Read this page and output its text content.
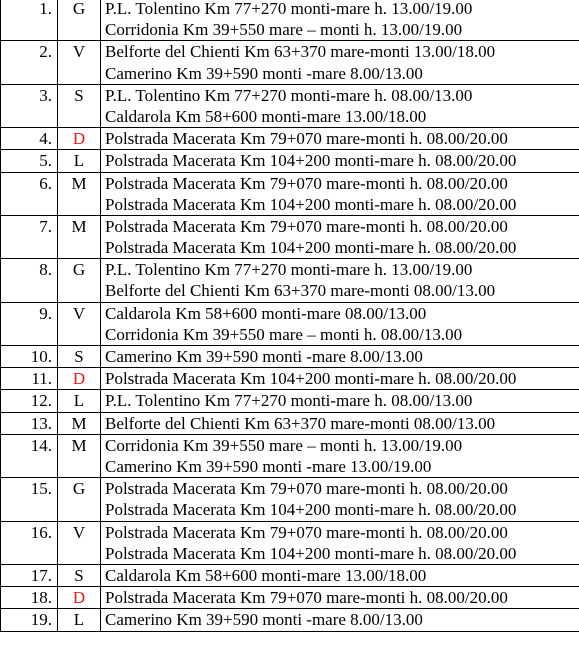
1.	G	P.L. Tolentino Km 77+270 monti-mare h. 13.00/19.00
Corridonia Km 39+550 mare – monti h. 13.00/19.00

2.	V	Belforte del Chienti Km 63+370 mare-monti 13.00/18.00
Camerino Km 39+590 monti -mare 8.00/13.00

3.	S	P.L. Tolentino Km 77+270 monti-mare h. 08.00/13.00
Caldarola Km 58+600 monti-mare 13.00/18.00

4.	D	Polstrada Macerata Km 79+070 mare-monti h. 08.00/20.00

5.	L	Polstrada Macerata Km 104+200 monti-mare h. 08.00/20.00

6.	M	Polstrada Macerata Km 79+070 mare-monti h. 08.00/20.00
Polstrada Macerata Km 104+200 monti-mare h. 08.00/20.00

7.	M	Polstrada Macerata Km 79+070 mare-monti h. 08.00/20.00
Polstrada Macerata Km 104+200 monti-mare h. 08.00/20.00

8.	G	P.L. Tolentino Km 77+270 monti-mare h. 13.00/19.00
Belforte del Chienti Km 63+370 mare-monti 08.00/13.00

9.	V	Caldarola Km 58+600 monti-mare 08.00/13.00
Corridonia Km 39+550 mare – monti h. 08.00/13.00

10.	S	Camerino Km 39+590 monti -mare 8.00/13.00

11.	D	Polstrada Macerata Km 104+200 monti-mare h. 08.00/20.00

12.	L	P.L. Tolentino Km 77+270 monti-mare h. 08.00/13.00

13.	M	Belforte del Chienti Km 63+370 mare-monti 08.00/13.00

14.	M	Corridonia Km 39+550 mare – monti h. 13.00/19.00
Camerino Km 39+590 monti -mare 13.00/19.00

15.	G	Polstrada Macerata Km 79+070 mare-monti h. 08.00/20.00
Polstrada Macerata Km 104+200 monti-mare h. 08.00/20.00

16.	V	Polstrada Macerata Km 79+070 mare-monti h. 08.00/20.00
Polstrada Macerata Km 104+200 monti-mare h. 08.00/20.00

17.	S	Caldarola Km 58+600 monti-mare 13.00/18.00

18.	D	Polstrada Macerata Km 79+070 mare-monti h. 08.00/20.00

19.	L	Camerino Km 39+590 monti -mare 8.00/13.00
